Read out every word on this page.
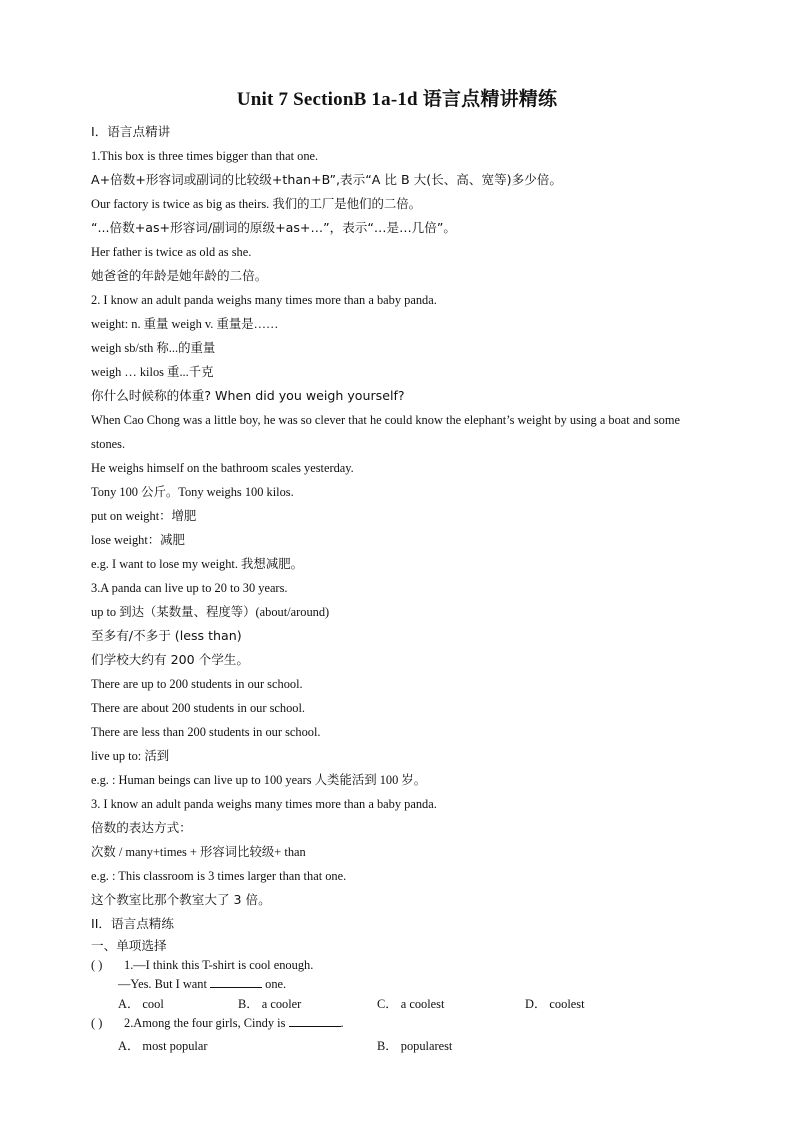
Unit 7 SectionB 1a-1d 语言点精讲精练
I．语言点精讲
1.This box is three times bigger than that one.
A+倍数+形容词或副词的比较级+than+B”,表示“A 比 B 大(长、高、宽等)多少倍。
Our factory is twice as big as theirs. 我们的工厂是他们的二倍。
“...倍数+as+形容词/副词的原级+as+…”，表示“…是…几倍”。
Her father is twice as old as she.
她爸爸的年龄是她年龄的二倍。
2. I know an adult panda weighs many times more than a baby panda.
weight: n. 重量 weigh v. 重量是……
weigh sb/sth 称...的重量
weigh … kilos 重...千克
你什么时候称的体重? When did you weigh yourself?
When Cao Chong was a little boy, he was so clever that he could know the elephant’s weight by using a boat and some stones.
He weighs himself on the bathroom scales yesterday.
Tony 100 公斤。Tony weighs 100 kilos.
put on weight：增肥
lose weight：减肥
e.g. I want to lose my weight. 我想减肥。
3.A panda can live up to 20 to 30 years.
up to 到达（某数量、程度等）(about/around)
至多有/不多于 (less than)
们学校大约有 200 个学生。
There are up to 200 students in our school.
There are about 200 students in our school.
There are less than 200 students in our school.
live up to: 活到
e.g. : Human beings can live up to 100 years 人类能活到 100 岁。
3. I know an adult panda weighs many times more than a baby panda.
倍数的表达方式：
次数 / many+times + 形容词比较级+ than
e.g. : This classroom is 3 times larger than that one.
这个教室比那个教室大了 3 倍。
II．语言点精练
一、单项选择
( ) 1.—I think this T-shirt is cool enough.
—Yes. But I want	one.
A． cool	B． a cooler	C． a coolest	D． coolest
( ) 2.Among the four girls, Cindy is	.
A． most popular	B． popularest
